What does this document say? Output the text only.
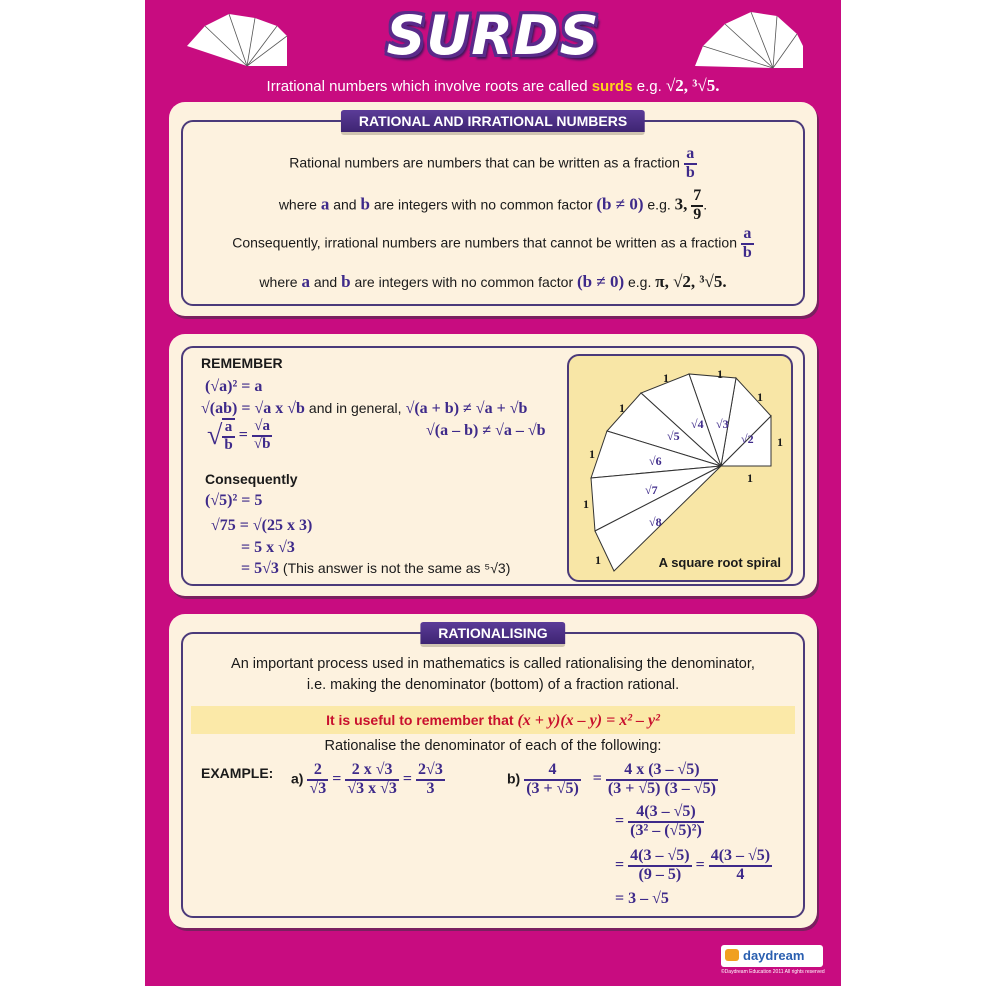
SURDS
Irrational numbers which involve roots are called surds e.g. √2, ³√5.
RATIONAL AND IRRATIONAL NUMBERS
Rational numbers are numbers that can be written as a fraction $\frac{a}{b}$
where a and b are integers with no common factor (b ≠ 0) e.g. 3, $\frac{7}{9}$ .
Consequently, irrational numbers are numbers that cannot be written as a fraction $\frac{a}{b}$
where a and b are integers with no common factor (b ≠ 0) e.g. π, √2, ³√5.
REMEMBER
(√a)² = a
√(ab) = √a x √b and in general, √(a + b) ≠ √a + √b
√(a – b) ≠ √a – √b
√ $\frac{a}{b} = \frac{√a}{√b}$
Consequently
(√5)² = 5
√75 = √(25 x 3)
= 5 x √3
= 5√3 (This answer is not the same as ⁵√3)
√2
√3
√4
√5
√6
√7
√8
1
1
1
1
1
1
1
1
1	A square root spiral
RATIONALISING
An important process used in mathematics is called rationalising the denominator,
i.e. making the denominator (bottom) of a fraction rational.
It is useful to remember that (x + y)(x – y) = x² – y²
Rationalise the denominator of each of the following:
EXAMPLE: $a) \frac{2}{√3} = \frac{2 x √3}{√3 x √3} = \frac{2√3}{3}$	$b) \frac{4}{(3 + √5)} = \frac{4 x (3 - √5)}{(3 + √5) (3 - √5)}$
= $\frac{4(3 - √5)}{\text{(3² – (√5)²)}}$
= $\frac{4(3 - √5)}{(9 - 5)} = \frac{4(3 - √5)}{4}$
= 3 – √5
daydream
©Daydream Education 2011 All rights reserved
